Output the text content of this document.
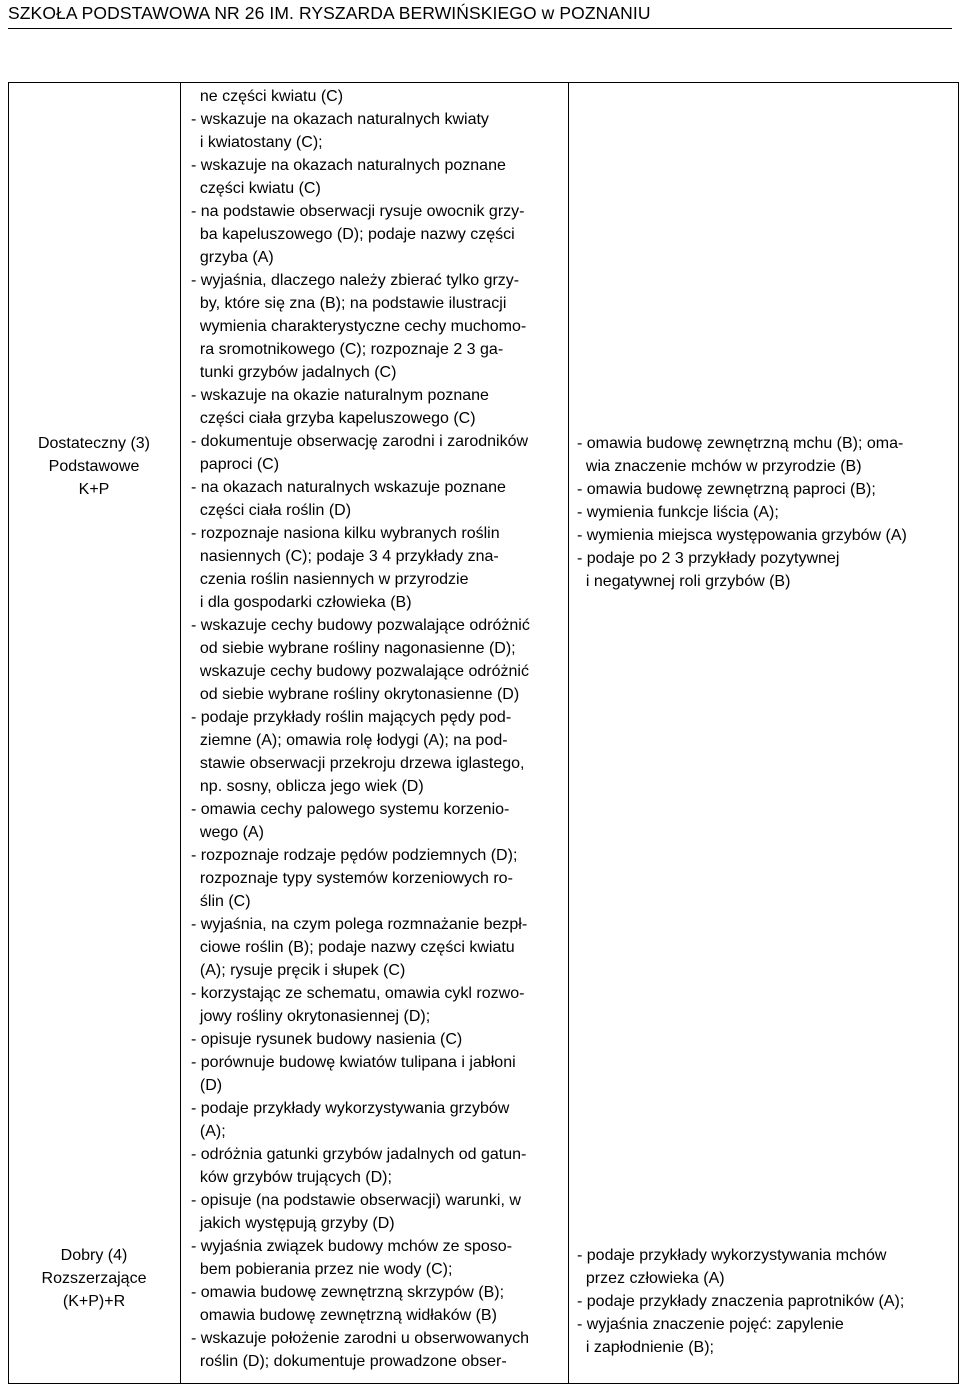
SZKOŁA PODSTAWOWA NR 26 IM. RYSZARDA BERWIŃSKIEGO w POZNANIU
Dostateczny (3)
Podstawowe
K+P
Dobry (4)
Rozszerzające
(K+P)+R
ne części kwiatu (C)
- wskazuje na okazach naturalnych kwiaty
i kwiatostany (C);
- wskazuje na okazach naturalnych poznane
części kwiatu (C)
- na podstawie obserwacji rysuje owocnik grzy-
ba kapeluszowego (D); podaje nazwy części
grzyba (A)
- wyjaśnia, dlaczego należy zbierać tylko grzy-
by, które się zna (B); na podstawie ilustracji
wymienia charakterystyczne cechy muchomo-
ra sromotnikowego (C); rozpoznaje 2 3 ga-
tunki grzybów jadalnych (C)
- wskazuje na okazie naturalnym poznane
części ciała grzyba kapeluszowego (C)
- dokumentuje obserwację zarodni i zarodników
paproci (C)
- na okazach naturalnych wskazuje poznane
części ciała roślin (D)
- rozpoznaje nasiona kilku wybranych roślin
nasiennych (C); podaje 3 4 przykłady zna-
czenia roślin nasiennych w przyrodzie
i dla gospodarki człowieka (B)
- wskazuje cechy budowy pozwalające odróżnić
od siebie wybrane rośliny nagonasienne (D);
wskazuje cechy budowy pozwalające odróżnić
od siebie wybrane rośliny okrytonasienne (D)
- podaje przykłady roślin mających pędy pod-
ziemne (A); omawia rolę łodygi (A); na pod-
stawie obserwacji przekroju drzewa iglastego,
np. sosny, oblicza jego wiek (D)
- omawia cechy palowego systemu korzenio-
wego (A)
- rozpoznaje rodzaje pędów podziemnych (D);
rozpoznaje typy systemów korzeniowych ro-
ślin (C)
- wyjaśnia, na czym polega rozmnażanie bezpł-
ciowe roślin (B); podaje nazwy części kwiatu
(A); rysuje pręcik i słupek (C)
- korzystając ze schematu, omawia cykl rozwo-
jowy rośliny okrytonasiennej (D);
- opisuje rysunek budowy nasienia (C)
- porównuje budowę kwiatów tulipana i jabłoni
(D)
- podaje przykłady wykorzystywania grzybów
(A);
- odróżnia gatunki grzybów jadalnych od gatun-
ków grzybów trujących (D);
- opisuje (na podstawie obserwacji) warunki, w
jakich występują grzyby (D)
- wyjaśnia związek budowy mchów ze sposo-
bem pobierania przez nie wody (C);
- omawia budowę zewnętrzną skrzypów (B);
omawia budowę zewnętrzną widłaków (B)
- wskazuje położenie zarodni u obserwowanych
roślin (D); dokumentuje prowadzone obser-
- omawia budowę zewnętrzną mchu (B); oma-
wia znaczenie mchów w przyrodzie (B)
- omawia budowę zewnętrzną paproci (B);
- wymienia funkcje liścia (A);
- wymienia miejsca występowania grzybów (A)
- podaje po 2 3 przykłady pozytywnej
i negatywnej roli grzybów (B)
- podaje przykłady wykorzystywania mchów
przez człowieka (A)
- podaje przykłady znaczenia paprotników (A);
- wyjaśnia znaczenie pojęć: zapylenie
i zapłodnienie (B);
